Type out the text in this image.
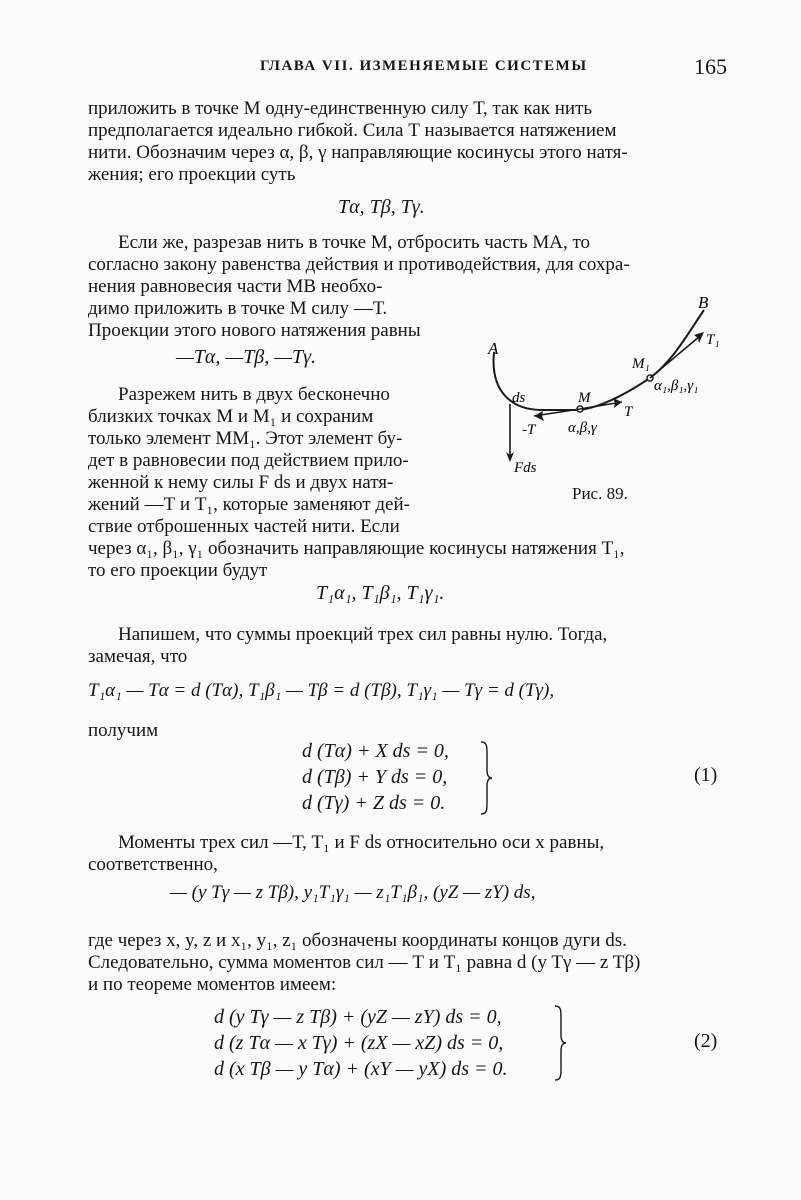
ГЛАВА VII. ИЗМЕНЯЕМЫЕ СИСТЕМЫ	165
приложить в точке М одну-единственную силу Т, так как нить
предполагается идеально гибкой. Сила Т называется натяжением
нити. Обозначим через α, β, γ направляющие косинусы этого натя-
жения; его проекции суть
Tα, Tβ, Tγ.
Если же, разрезав нить в точке М, отбросить часть МА, то
согласно закону равенства действия и противодействия, для сохра-
нения равновесия части МВ необхо-
димо приложить в точке М силу —Т.
Проекции этого нового натяжения равны
—Tα, —Tβ, —Tγ.
Разрежем нить в двух бесконечно
близких точках М и М₁ и сохраним
только элемент ММ₁. Этот элемент бу-
дет в равновесии под действием прило-
женной к нему силы F ds и двух натя-
жений —Т и Т₁, которые заменяют дей-
ствие отброшенных частей нити. Если
через α₁, β₁, γ₁ обозначить направляющие косинусы натяжения Т₁,
то его проекции будут
A
B
M
M₁
T
T₁
-T
ds
Fds
α,β,γ
α₁,β₁,γ₁
Рис. 89.
T₁α₁, T₁β₁, T₁γ₁.
Напишем, что суммы проекций трех сил равны нулю. Тогда,
замечая, что
T₁α₁ — Tα = d (Tα), T₁β₁ — Tβ = d (Tβ), T₁γ₁ — Tγ = d (Tγ),
получим
d (Tα) + X ds = 0,
d (Tβ) + Y ds = 0,
d (Tγ) + Z ds = 0.
(1)
Моменты трех сил —Т, Т₁ и F ds относительно оси x равны,
соответственно,
— (y Tγ — z Tβ), y₁T₁γ₁ — z₁T₁β₁, (yZ — zY) ds,
где через x, y, z и x₁, y₁, z₁ обозначены координаты концов дуги ds.
Следовательно, сумма моментов сил — Т и Т₁ равна d (y Tγ — z Tβ)
и по теореме моментов имеем:
d (y Tγ — z Tβ) + (yZ — zY) ds = 0,
d (z Tα — x Tγ) + (zX — xZ) ds = 0,
d (x Tβ — y Tα) + (xY — yX) ds = 0.
(2)
